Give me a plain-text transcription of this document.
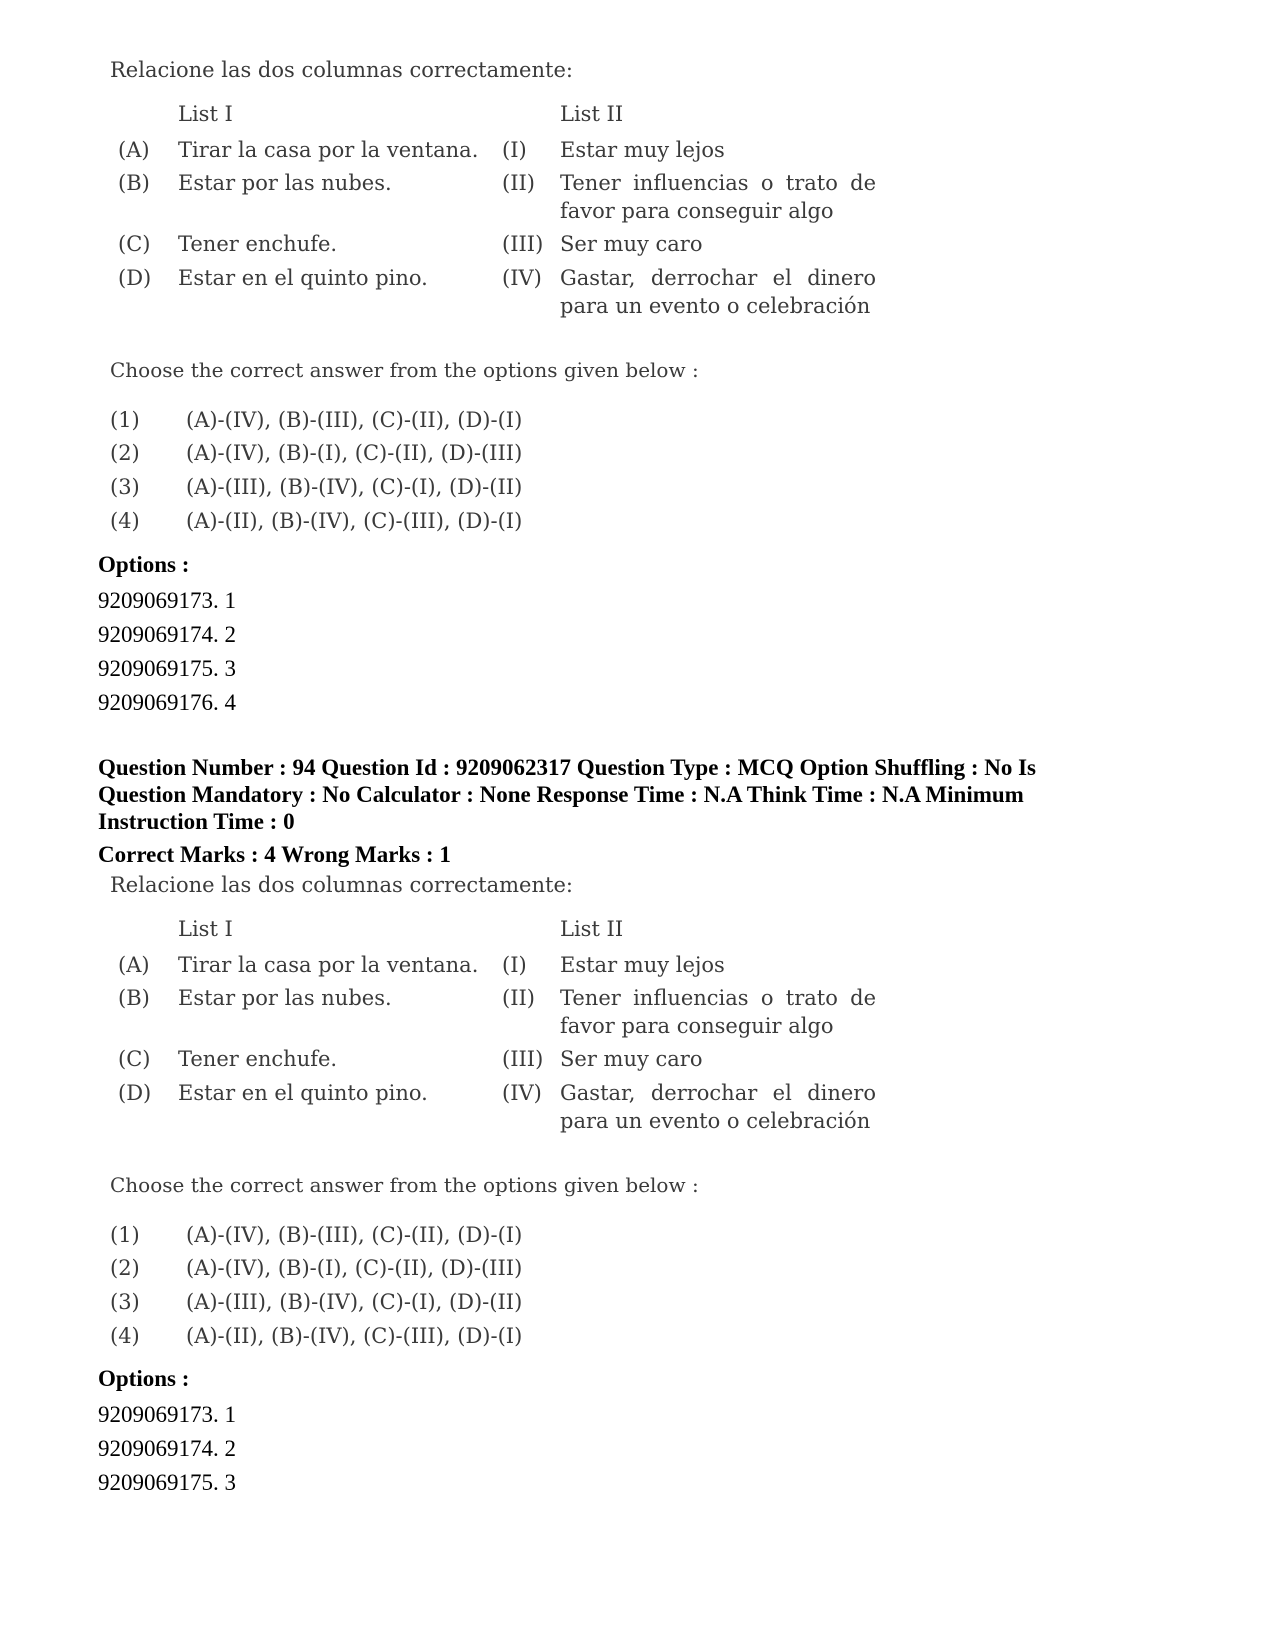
Relacione las dos columnas correctamente:

List I	List II
(A) Tirar la casa por la ventana.
(B) Estar por las nubes.
(C) Tener enchufe.
(D) Estar en el quinto pino.
(I) Estar muy lejos
(II) Tener influencias o trato de favor para conseguir algo
(III) Ser muy caro
(IV) Gastar, derrochar el dinero para un evento o celebración
Choose the correct answer from the options given below :
(1) (A)-(IV), (B)-(III), (C)-(II), (D)-(I)
(2) (A)-(IV), (B)-(I), (C)-(II), (D)-(III)
(3) (A)-(III), (B)-(IV), (C)-(I), (D)-(II)
(4) (A)-(II), (B)-(IV), (C)-(III), (D)-(I)
Options :
9209069173. 1
9209069174. 2
9209069175. 3
9209069176. 4
Question Number : 94 Question Id : 9209062317 Question Type : MCQ Option Shuffling : No Is
Question Mandatory : No Calculator : None Response Time : N.A Think Time : N.A Minimum
Instruction Time : 0
Correct Marks : 4 Wrong Marks : 1

Relacione las dos columnas correctamente:

List I	List II
(A) Tirar la casa por la ventana.
(B) Estar por las nubes.
(C) Tener enchufe.
(D) Estar en el quinto pino.
(I) Estar muy lejos
(II) Tener influencias o trato de favor para conseguir algo
(III) Ser muy caro
(IV) Gastar, derrochar el dinero para un evento o celebración
Choose the correct answer from the options given below :
(1) (A)-(IV), (B)-(III), (C)-(II), (D)-(I)
(2) (A)-(IV), (B)-(I), (C)-(II), (D)-(III)
(3) (A)-(III), (B)-(IV), (C)-(I), (D)-(II)
(4) (A)-(II), (B)-(IV), (C)-(III), (D)-(I)
Options :
9209069173. 1
9209069174. 2
9209069175. 3
